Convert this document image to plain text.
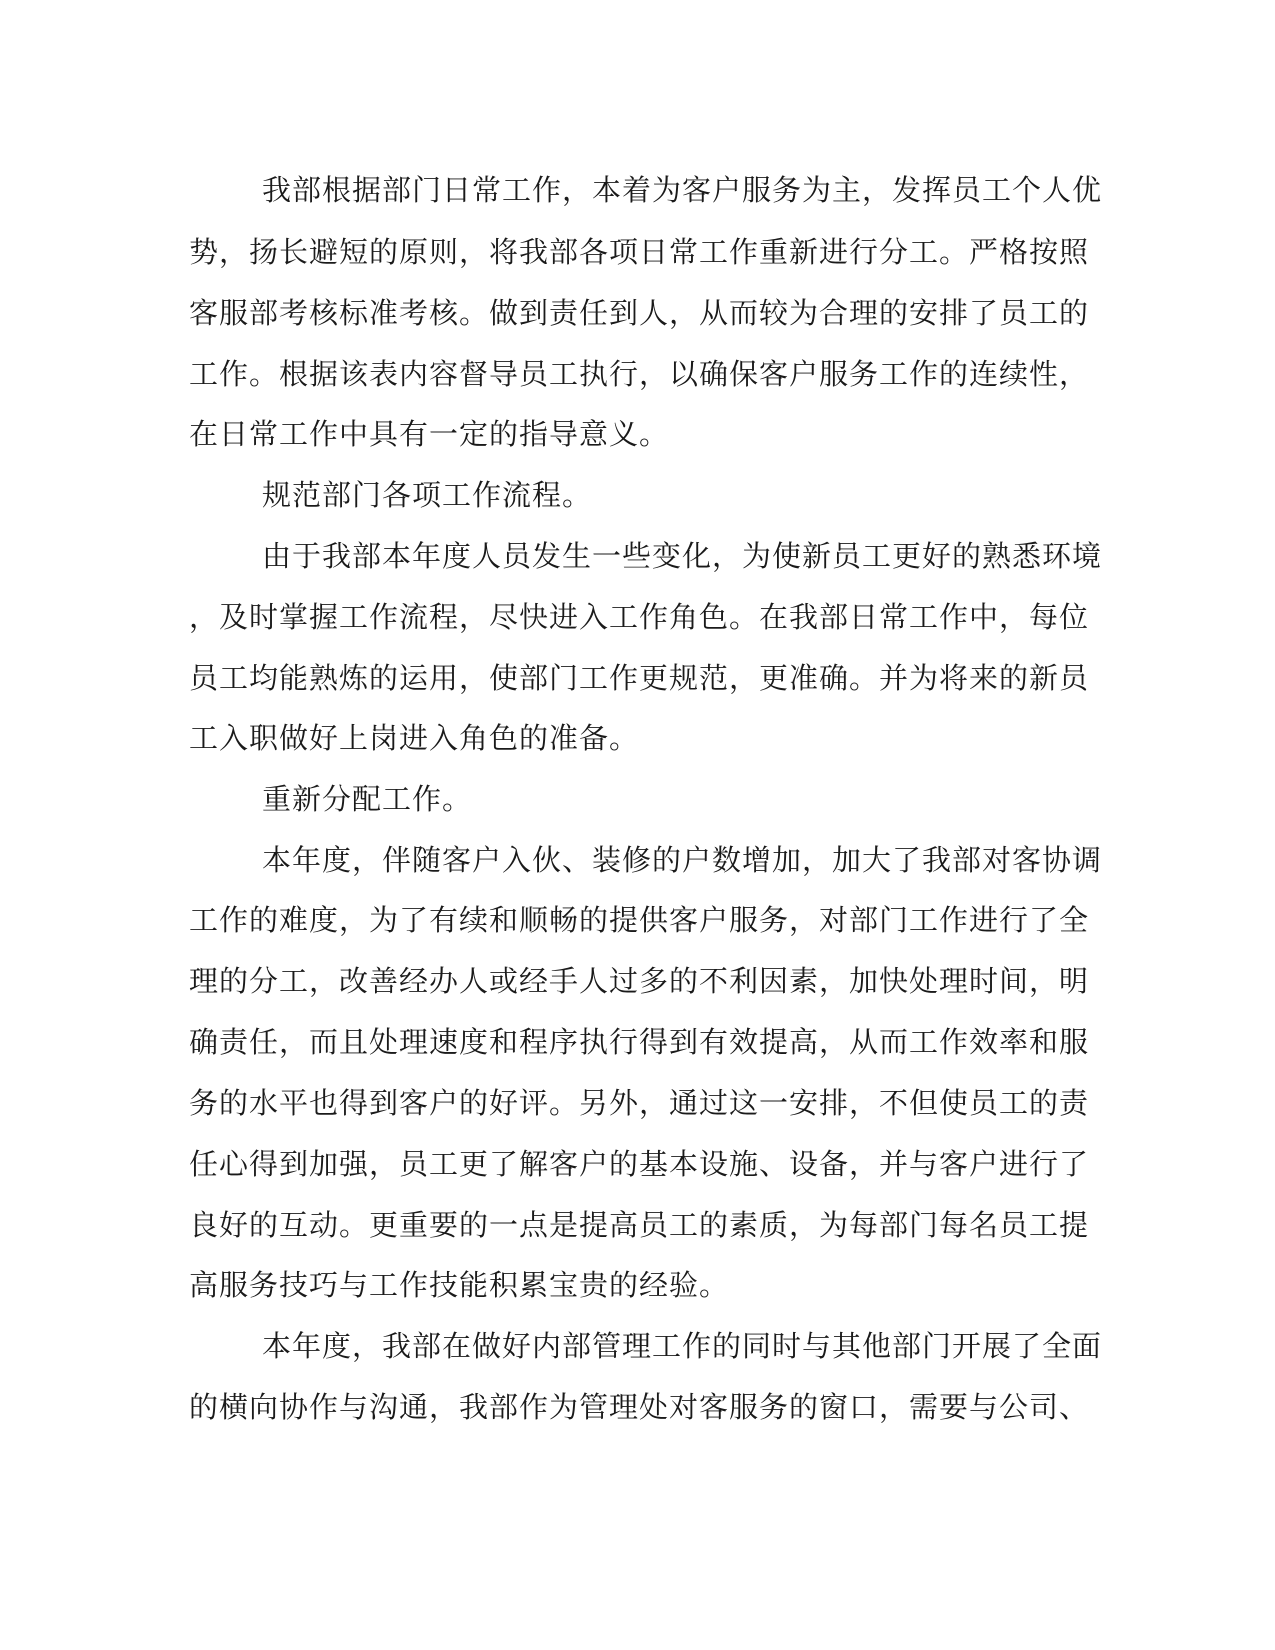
我部根据部门日常工作，本着为客户服务为主，发挥员工个人优

势，扬长避短的原则，将我部各项日常工作重新进行分工。严格按照

客服部考核标准考核。做到责任到人，从而较为合理的安排了员工的

工作。根据该表内容督导员工执行，以确保客户服务工作的连续性，

在日常工作中具有一定的指导意义。

规范部门各项工作流程。

由于我部本年度人员发生一些变化，为使新员工更好的熟悉环境

，及时掌握工作流程，尽快进入工作角色。在我部日常工作中，每位

员工均能熟炼的运用，使部门工作更规范，更准确。并为将来的新员

工入职做好上岗进入角色的准备。

重新分配工作。

本年度，伴随客户入伙、装修的户数增加，加大了我部对客协调

工作的难度，为了有续和顺畅的提供客户服务，对部门工作进行了全

理的分工，改善经办人或经手人过多的不利因素，加快处理时间，明

确责任，而且处理速度和程序执行得到有效提高，从而工作效率和服

务的水平也得到客户的好评。另外，通过这一安排，不但使员工的责

任心得到加强，员工更了解客户的基本设施、设备，并与客户进行了

良好的互动。更重要的一点是提高员工的素质，为每部门每名员工提

高服务技巧与工作技能积累宝贵的经验。

本年度，我部在做好内部管理工作的同时与其他部门开展了全面

的横向协作与沟通，我部作为管理处对客服务的窗口，需要与公司、
